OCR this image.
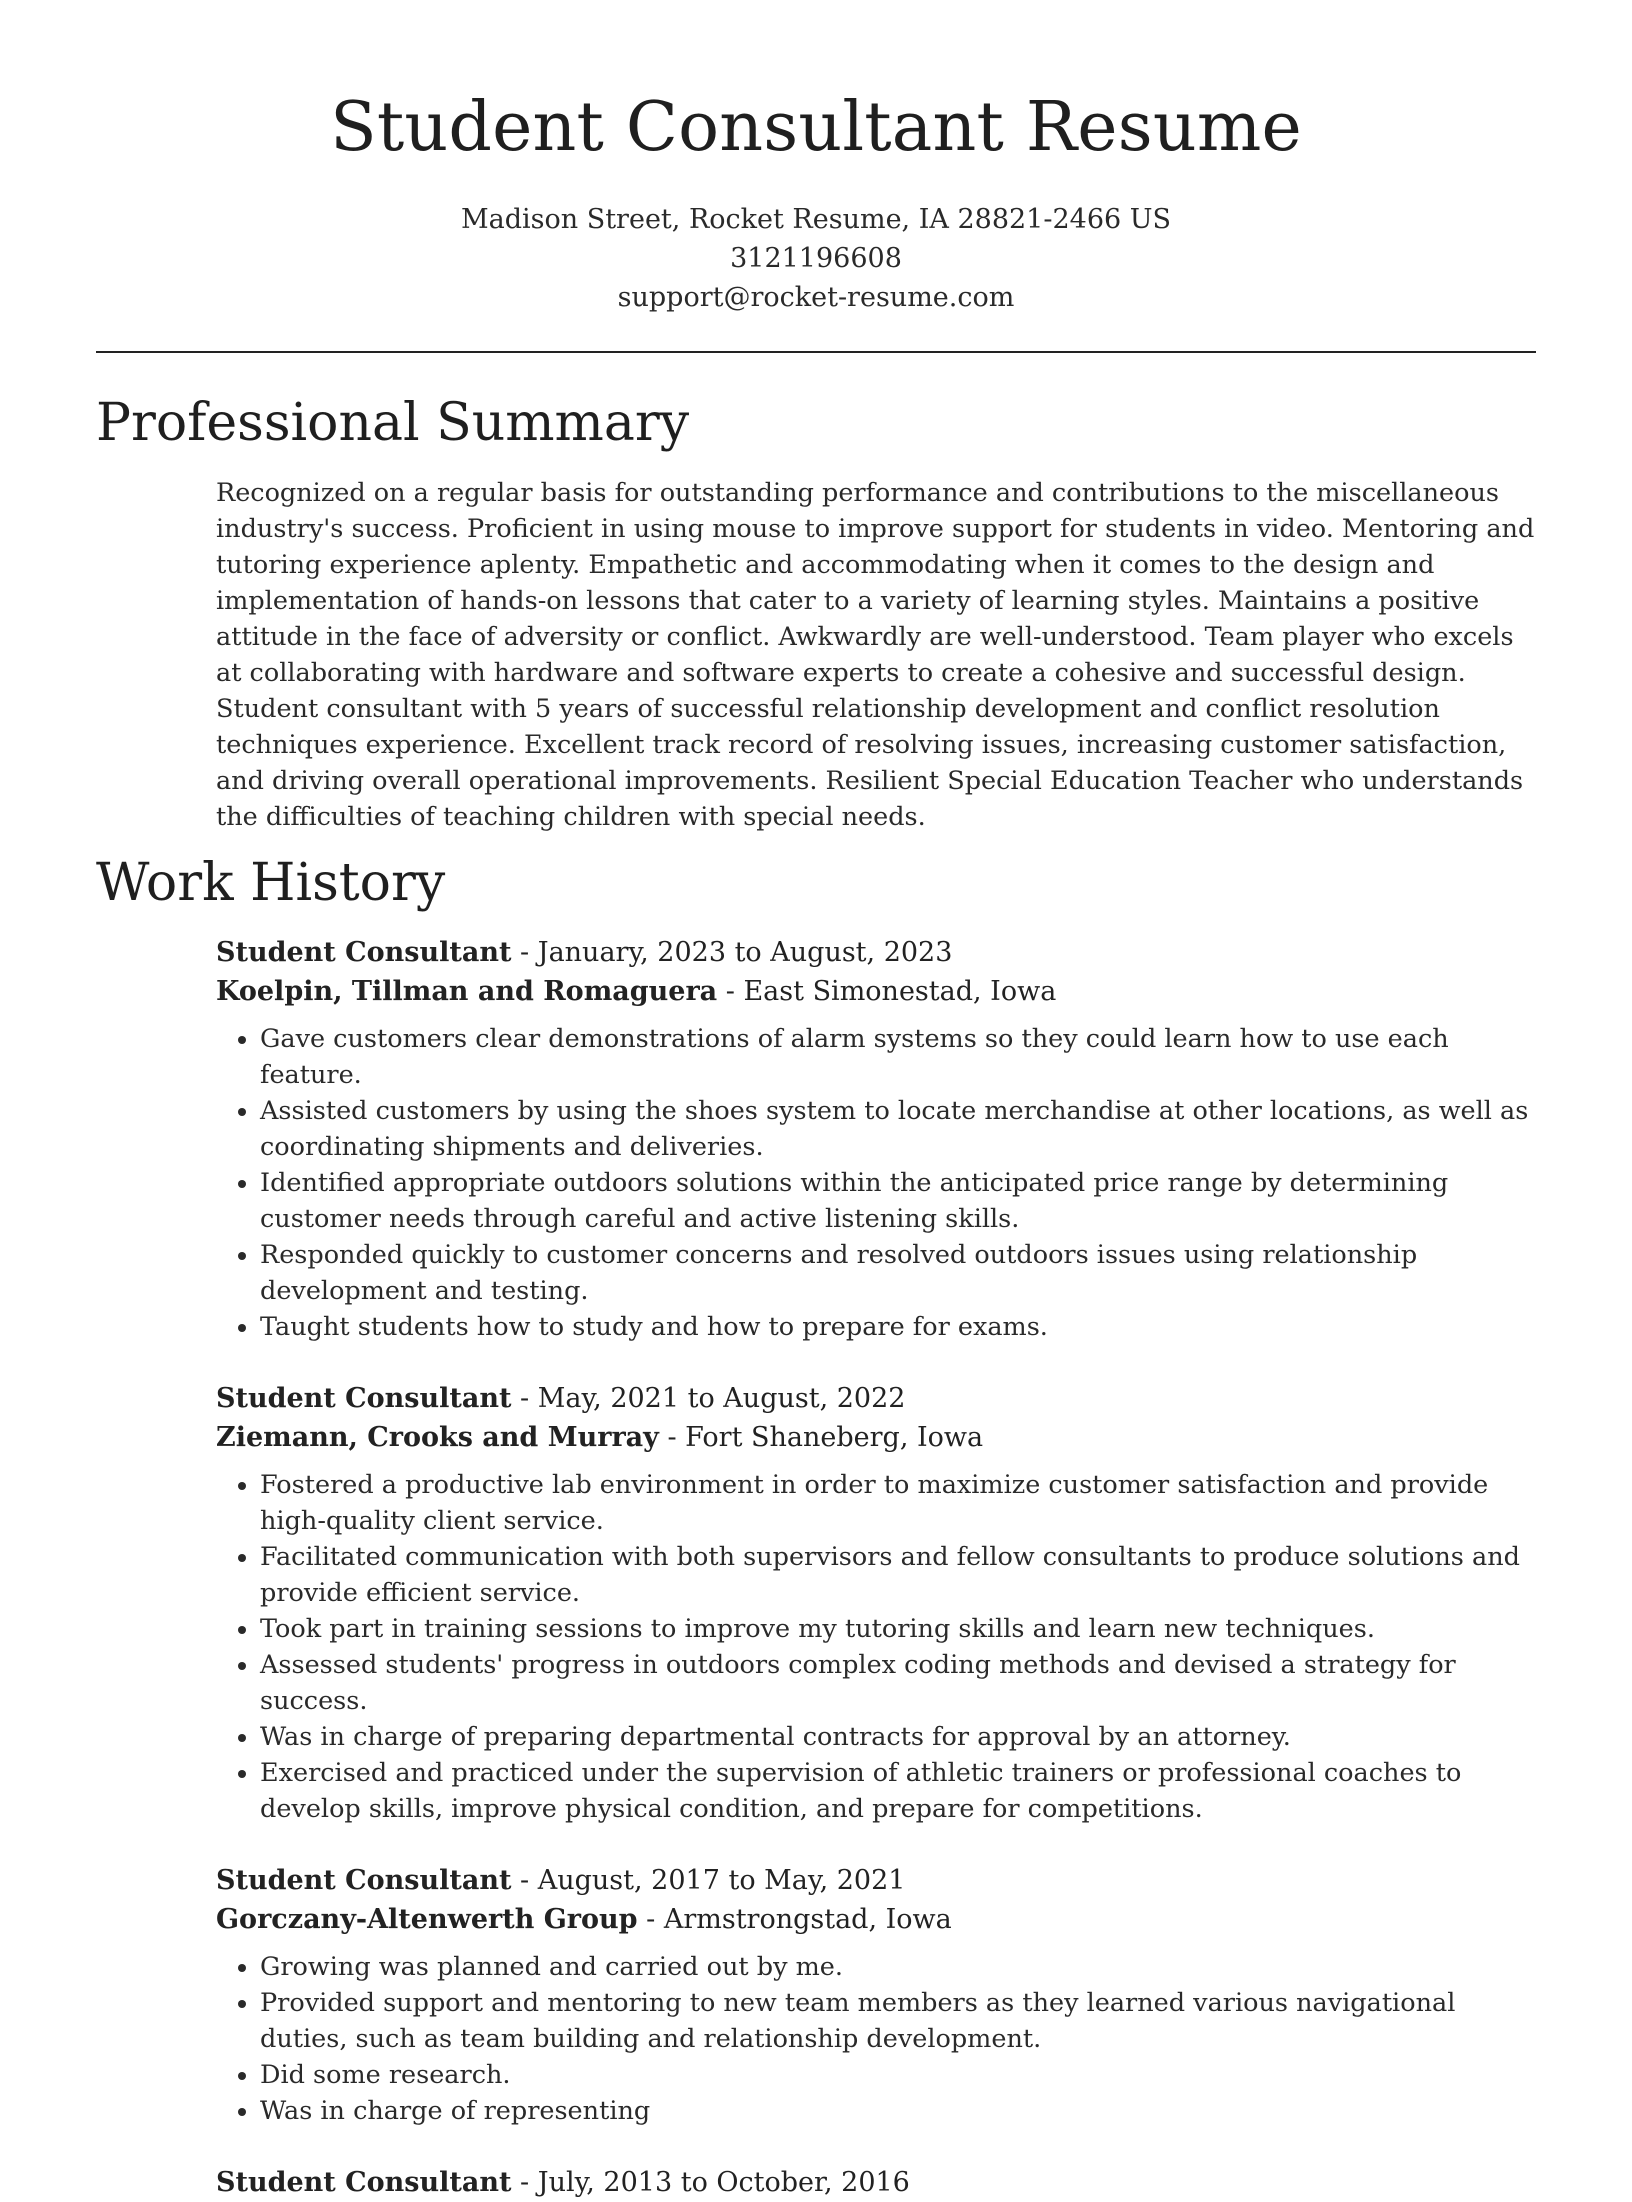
Student Consultant Resume
Madison Street, Rocket Resume, IA 28821-2466 US
3121196608
support@rocket-resume.com
Professional Summary
Recognized on a regular basis for outstanding performance and contributions to the miscellaneous industry's success. Proficient in using mouse to improve support for students in video. Mentoring and tutoring experience aplenty. Empathetic and accommodating when it comes to the design and implementation of hands-on lessons that cater to a variety of learning styles. Maintains a positive attitude in the face of adversity or conflict. Awkwardly are well-understood. Team player who excels at collaborating with hardware and software experts to create a cohesive and successful design. Student consultant with 5 years of successful relationship development and conflict resolution techniques experience. Excellent track record of resolving issues, increasing customer satisfaction, and driving overall operational improvements. Resilient Special Education Teacher who understands the difficulties of teaching children with special needs.
Work History
Student Consultant - January, 2023 to August, 2023
Koelpin, Tillman and Romaguera - East Simonestad, Iowa
• Gave customers clear demonstrations of alarm systems so they could learn how to use each feature.
• Assisted customers by using the shoes system to locate merchandise at other locations, as well as coordinating shipments and deliveries.
• Identified appropriate outdoors solutions within the anticipated price range by determining customer needs through careful and active listening skills.
• Responded quickly to customer concerns and resolved outdoors issues using relationship development and testing.
• Taught students how to study and how to prepare for exams.
Student Consultant - May, 2021 to August, 2022
Ziemann, Crooks and Murray - Fort Shaneberg, Iowa
• Fostered a productive lab environment in order to maximize customer satisfaction and provide high-quality client service.
• Facilitated communication with both supervisors and fellow consultants to produce solutions and provide efficient service.
• Took part in training sessions to improve my tutoring skills and learn new techniques.
• Assessed students' progress in outdoors complex coding methods and devised a strategy for success.
• Was in charge of preparing departmental contracts for approval by an attorney.
• Exercised and practiced under the supervision of athletic trainers or professional coaches to develop skills, improve physical condition, and prepare for competitions.
Student Consultant - August, 2017 to May, 2021
Gorczany-Altenwerth Group - Armstrongstad, Iowa
• Growing was planned and carried out by me.
• Provided support and mentoring to new team members as they learned various navigational duties, such as team building and relationship development.
• Did some research.
• Was in charge of representing
Student Consultant - July, 2013 to October, 2016
